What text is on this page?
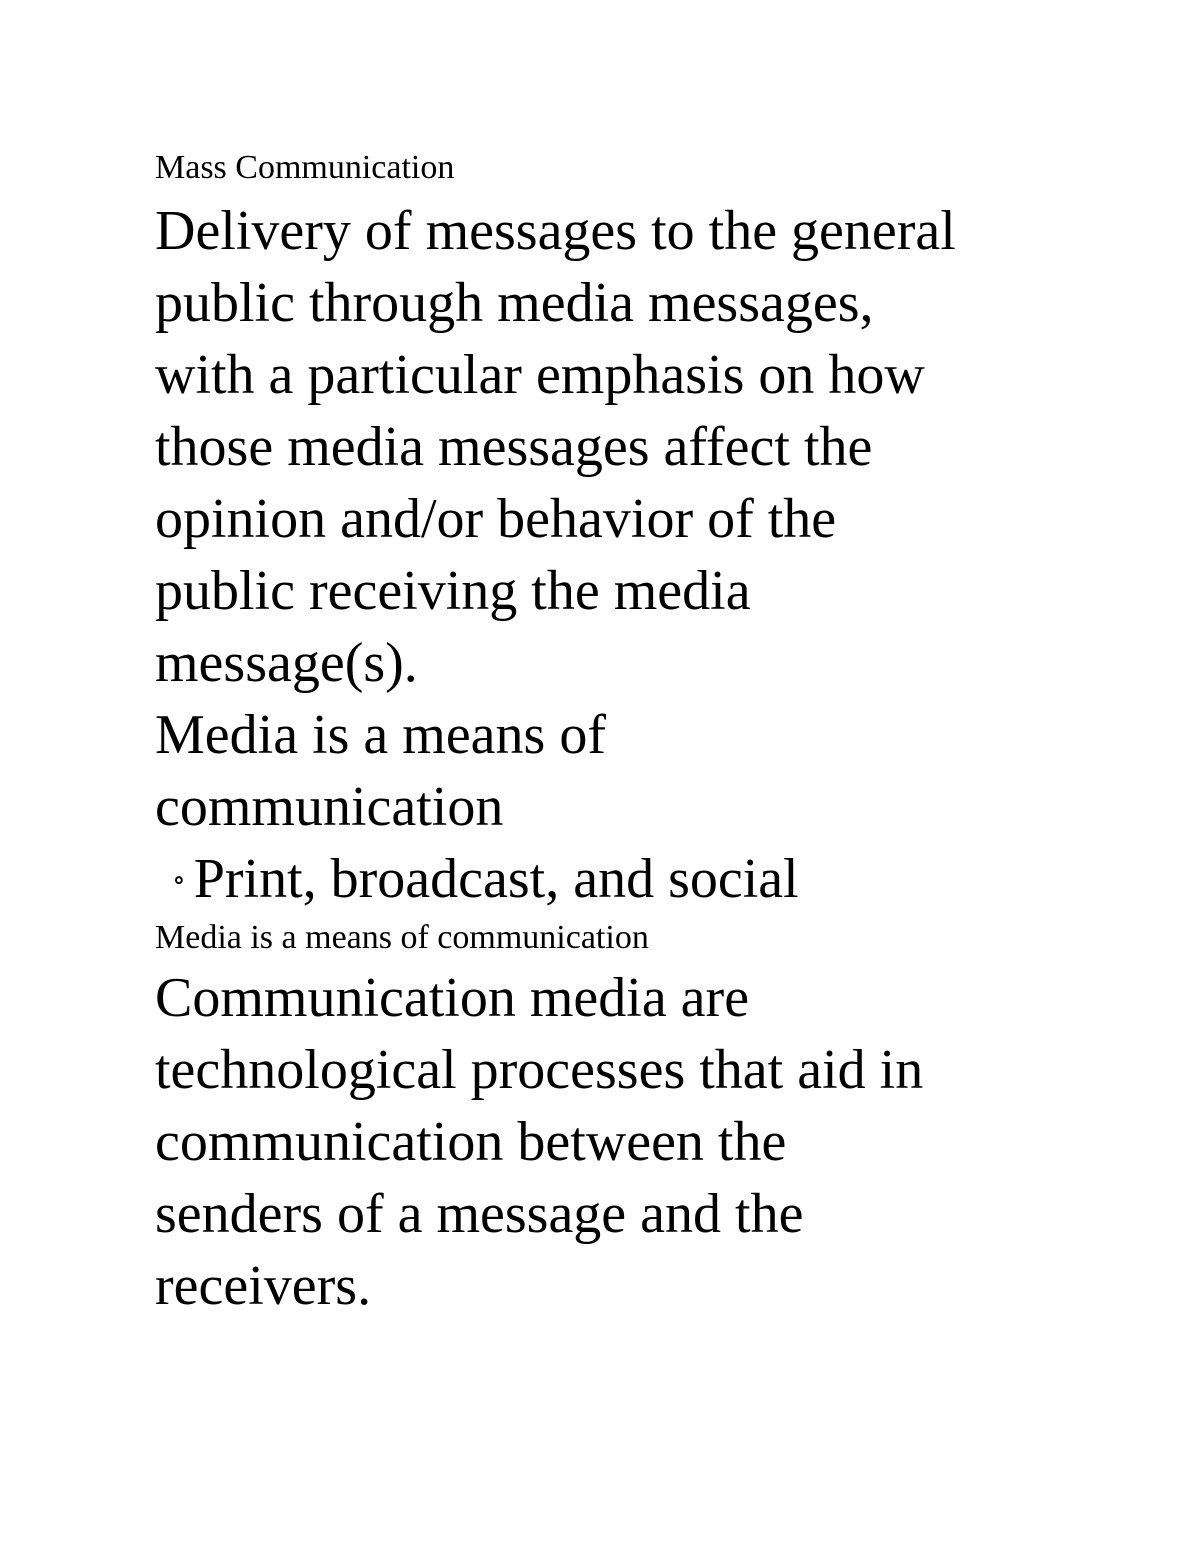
Mass Communication
Delivery of messages to the general
public through media messages,
with a particular emphasis on how
those media messages affect the
opinion and/or behavior of the
public receiving the media
message(s).
Media is a means of
communication
∘ Print, broadcast, and social
Media is a means of communication
Communication media are
technological processes that aid in
communication between the
senders of a message and the
receivers.
